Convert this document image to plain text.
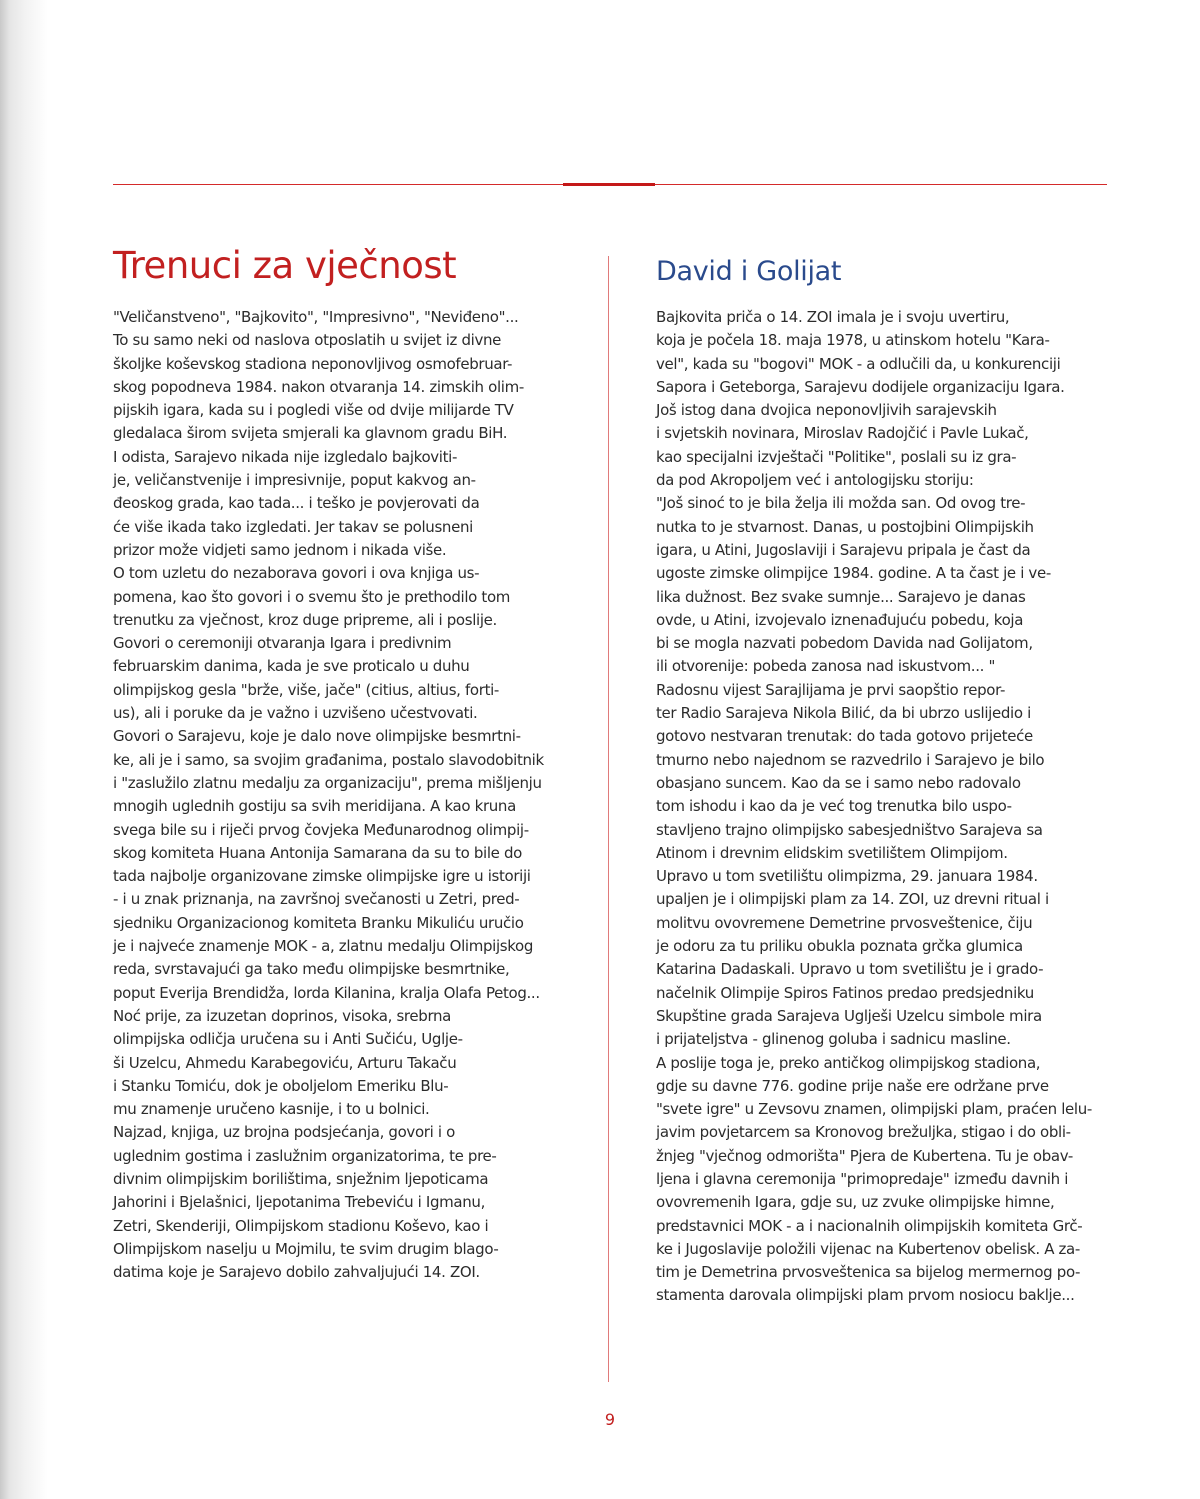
Trenuci za vječnost
"Veličanstveno", "Bajkovito", "Impresivno", "Neviđeno"...
To su samo neki od naslova otposlatih u svijet iz divne
školjke koševskog stadiona neponovljivog osmofebruar-
skog popodneva 1984. nakon otvaranja 14. zimskih olim-
pijskih igara, kada su i pogledi više od dvije milijarde TV
gledalaca širom svijeta smjerali ka glavnom gradu BiH.
I odista, Sarajevo nikada nije izgledalo bajkoviti-
je, veličanstvenije i impresivnije, poput kakvog an-
đeoskog grada, kao tada... i teško je povjerovati da
će više ikada tako izgledati. Jer takav se polusneni
prizor može vidjeti samo jednom i nikada više.
O tom uzletu do nezaborava govori i ova knjiga us-
pomena, kao što govori i o svemu što je prethodilo tom
trenutku za vječnost, kroz duge pripreme, ali i poslije.
Govori o ceremoniji otvaranja Igara i predivnim
februarskim danima, kada je sve proticalo u duhu
olimpijskog gesla "brže, više, jače" (citius, altius, forti-
us), ali i poruke da je važno i uzvišeno učestvovati.
Govori o Sarajevu, koje je dalo nove olimpijske besmrtni-
ke, ali je i samo, sa svojim građanima, postalo slavodobitnik
i "zaslužilo zlatnu medalju za organizaciju", prema mišljenju
mnogih uglednih gostiju sa svih meridijana. A kao kruna
svega bile su i riječi prvog čovjeka Međunarodnog olimpij-
skog komiteta Huana Antonija Samarana da su to bile do
tada najbolje organizovane zimske olimpijske igre u istoriji
- i u znak priznanja, na završnoj svečanosti u Zetri, pred-
sjedniku Organizacionog komiteta Branku Mikuliću uručio
je i najveće znamenje MOK - a, zlatnu medalju Olimpijskog
reda, svrstavajući ga tako među olimpijske besmrtnike,
poput Everija Brendidža, lorda Kilanina, kralja Olafa Petog...
Noć prije, za izuzetan doprinos, visoka, srebrna
olimpijska odličja uručena su i Anti Sučiću, Uglje-
ši Uzelcu, Ahmedu Karabegoviću, Arturu Takaču
i Stanku Tomiću, dok je oboljelom Emeriku Blu-
mu znamenje uručeno kasnije, i to u bolnici.
Najzad, knjiga, uz brojna podsjećanja, govori i o
uglednim gostima i zaslužnim organizatorima, te pre-
divnim olimpijskim borilištima, snježnim ljepoticama
Jahorini i Bjelašnici, ljepotanima Trebeviću i Igmanu,
Zetri, Skenderiji, Olimpijskom stadionu Koševo, kao i
Olimpijskom naselju u Mojmilu, te svim drugim blago-
datima koje je Sarajevo dobilo zahvaljujući 14. ZOI.
David i Golijat
Bajkovita priča o 14. ZOI imala je i svoju uvertiru,
koja je počela 18. maja 1978, u atinskom hotelu "Kara-
vel", kada su "bogovi" MOK - a odlučili da, u konkurenciji
Sapora i Geteborga, Sarajevu dodijele organizaciju Igara.
Još istog dana dvojica neponovljivih sarajevskih
i svjetskih novinara, Miroslav Radojčić i Pavle Lukač,
kao specijalni izvještači "Politike", poslali su iz gra-
da pod Akropoljem već i antologijsku storiju:
"Još sinoć to je bila želja ili možda san. Od ovog tre-
nutka to je stvarnost. Danas, u postojbini Olimpijskih
igara, u Atini, Jugoslaviji i Sarajevu pripala je čast da
ugoste zimske olimpijce 1984. godine. A ta čast je i ve-
lika dužnost. Bez svake sumnje... Sarajevo je danas
ovde, u Atini, izvojevalo iznenađujuću pobedu, koja
bi se mogla nazvati pobedom Davida nad Golijatom,
ili otvorenije: pobeda zanosa nad iskustvom... "
Radosnu vijest Sarajlijama je prvi saopštio repor-
ter Radio Sarajeva Nikola Bilić, da bi ubrzo uslijedio i
gotovo nestvaran trenutak: do tada gotovo prijeteće
tmurno nebo najednom se razvedrilo i Sarajevo je bilo
obasjano suncem. Kao da se i samo nebo radovalo
tom ishodu i kao da je već tog trenutka bilo uspo-
stavljeno trajno olimpijsko sabesjedništvo Sarajeva sa
Atinom i drevnim elidskim svetilištem Olimpijom.
Upravo u tom svetilištu olimpizma, 29. januara 1984.
upaljen je i olimpijski plam za 14. ZOI, uz drevni ritual i
molitvu ovovremene Demetrine prvosveštenice, čiju
je odoru za tu priliku obukla poznata grčka glumica
Katarina Dadaskali. Upravo u tom svetilištu je i grado-
načelnik Olimpije Spiros Fatinos predao predsjedniku
Skupštine grada Sarajeva Uglješi Uzelcu simbole mira
i prijateljstva - glinenog goluba i sadnicu masline.
A poslije toga je, preko antičkog olimpijskog stadiona,
gdje su davne 776. godine prije naše ere održane prve
"svete igre" u Zevsovu znamen, olimpijski plam, praćen lelu-
javim povjetarcem sa Kronovog brežuljka, stigao i do obli-
žnjeg "vječnog odmorišta" Pjera de Kubertena. Tu je obav-
ljena i glavna ceremonija "primopredaje" između davnih i
ovovremenih Igara, gdje su, uz zvuke olimpijske himne,
predstavnici MOK - a i nacionalnih olimpijskih komiteta Grč-
ke i Jugoslavije položili vijenac na Kubertenov obelisk. A za-
tim je Demetrina prvosveštenica sa bijelog mermernog po-
stamenta darovala olimpijski plam prvom nosiocu baklje...
9
